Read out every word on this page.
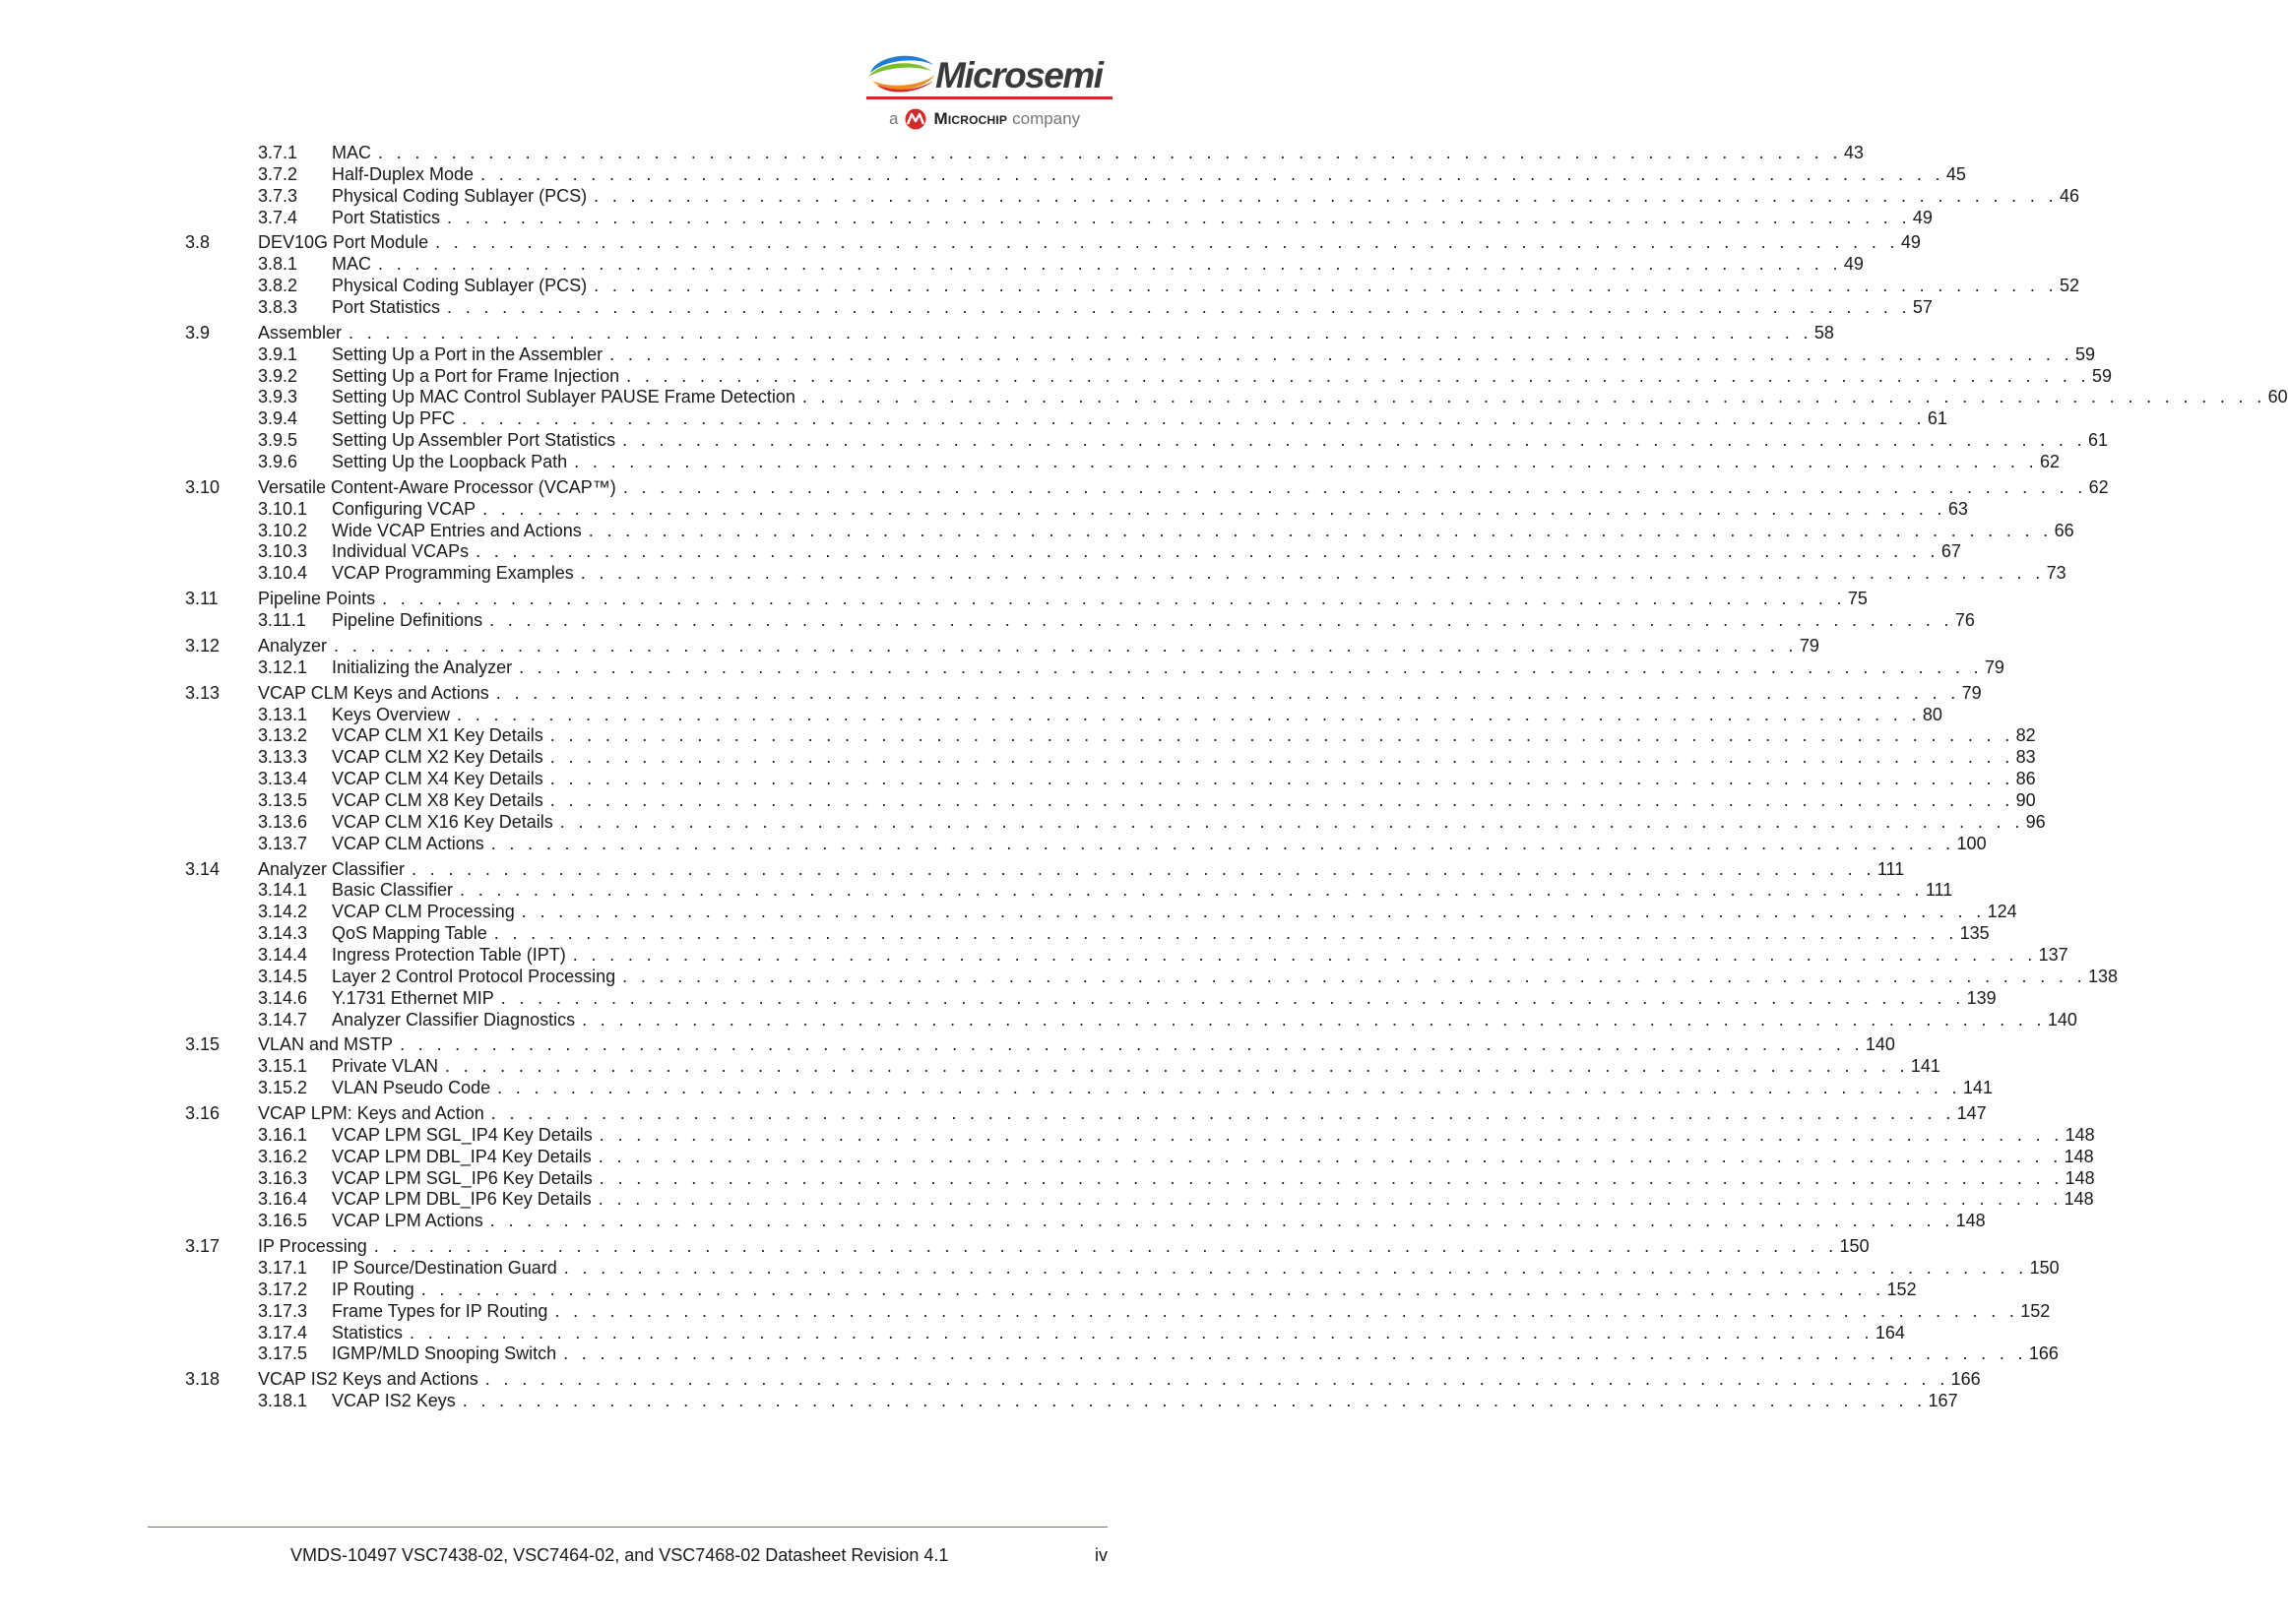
Microsemi
a Microchip company
3.7.1 MAC . . . . . . . . . . . . . . . . . . . . . . . . . . . . . . . . . . . . . . . . . . . . . . . . . . . . . . . . . . . . . . . . . . . . . . . . . . . . . . . . 43
3.7.2 Half-Duplex Mode . . . . . . . . . . . . . . . . . . . . . . . . . . . . . . . . . . . . . . . . . . . . . . . . . . . . . . . . . . . . . . . . . . . . . . . . . . . . . . . . 45
3.7.3 Physical Coding Sublayer (PCS) . . . . . . . . . . . . . . . . . . . . . . . . . . . . . . . . . . . . . . . . . . . . . . . . . . . . . . . . . . . . . . . . . . . . . . . . . . . . . . . . 46
3.7.4 Port Statistics . . . . . . . . . . . . . . . . . . . . . . . . . . . . . . . . . . . . . . . . . . . . . . . . . . . . . . . . . . . . . . . . . . . . . . . . . . . . . . . . 49
3.8	DEV10G Port Module . . . . . . . . . . . . . . . . . . . . . . . . . . . . . . . . . . . . . . . . . . . . . . . . . . . . . . . . . . . . . . . . . . . . . . . . . . . . . . . . 49
3.8.1 MAC . . . . . . . . . . . . . . . . . . . . . . . . . . . . . . . . . . . . . . . . . . . . . . . . . . . . . . . . . . . . . . . . . . . . . . . . . . . . . . . . 49
3.8.2 Physical Coding Sublayer (PCS) . . . . . . . . . . . . . . . . . . . . . . . . . . . . . . . . . . . . . . . . . . . . . . . . . . . . . . . . . . . . . . . . . . . . . . . . . . . . . . . . 52
3.8.3 Port Statistics . . . . . . . . . . . . . . . . . . . . . . . . . . . . . . . . . . . . . . . . . . . . . . . . . . . . . . . . . . . . . . . . . . . . . . . . . . . . . . . . 57
3.9	Assembler . . . . . . . . . . . . . . . . . . . . . . . . . . . . . . . . . . . . . . . . . . . . . . . . . . . . . . . . . . . . . . . . . . . . . . . . . . . . . . . . 58
3.9.1 Setting Up a Port in the Assembler . . . . . . . . . . . . . . . . . . . . . . . . . . . . . . . . . . . . . . . . . . . . . . . . . . . . . . . . . . . . . . . . . . . . . . . . . . . . . . . . 59
3.9.2 Setting Up a Port for Frame Injection . . . . . . . . . . . . . . . . . . . . . . . . . . . . . . . . . . . . . . . . . . . . . . . . . . . . . . . . . . . . . . . . . . . . . . . . . . . . . . . . 59
3.9.3 Setting Up MAC Control Sublayer PAUSE Frame Detection . . . . . . . . . . . . . . . . . . . . . . . . . . . . . . . . . . . . . . . . . . . . . . . . . . . . . . . . . . . . . . . . . . . . . . . . . . . . . . . . 60
3.9.4 Setting Up PFC . . . . . . . . . . . . . . . . . . . . . . . . . . . . . . . . . . . . . . . . . . . . . . . . . . . . . . . . . . . . . . . . . . . . . . . . . . . . . . . . 61
3.9.5 Setting Up Assembler Port Statistics . . . . . . . . . . . . . . . . . . . . . . . . . . . . . . . . . . . . . . . . . . . . . . . . . . . . . . . . . . . . . . . . . . . . . . . . . . . . . . . . 61
3.9.6 Setting Up the Loopback Path . . . . . . . . . . . . . . . . . . . . . . . . . . . . . . . . . . . . . . . . . . . . . . . . . . . . . . . . . . . . . . . . . . . . . . . . . . . . . . . . 62
3.10 Versatile Content-Aware Processor (VCAP™) . . . . . . . . . . . . . . . . . . . . . . . . . . . . . . . . . . . . . . . . . . . . . . . . . . . . . . . . . . . . . . . . . . . . . . . . . . . . . . . . 62
3.10.1 Configuring VCAP . . . . . . . . . . . . . . . . . . . . . . . . . . . . . . . . . . . . . . . . . . . . . . . . . . . . . . . . . . . . . . . . . . . . . . . . . . . . . . . . 63
3.10.2 Wide VCAP Entries and Actions . . . . . . . . . . . . . . . . . . . . . . . . . . . . . . . . . . . . . . . . . . . . . . . . . . . . . . . . . . . . . . . . . . . . . . . . . . . . . . . . 66
3.10.3 Individual VCAPs . . . . . . . . . . . . . . . . . . . . . . . . . . . . . . . . . . . . . . . . . . . . . . . . . . . . . . . . . . . . . . . . . . . . . . . . . . . . . . . . 67
3.10.4 VCAP Programming Examples . . . . . . . . . . . . . . . . . . . . . . . . . . . . . . . . . . . . . . . . . . . . . . . . . . . . . . . . . . . . . . . . . . . . . . . . . . . . . . . . 73
3.11 Pipeline Points . . . . . . . . . . . . . . . . . . . . . . . . . . . . . . . . . . . . . . . . . . . . . . . . . . . . . . . . . . . . . . . . . . . . . . . . . . . . . . . . 75
3.11.1 Pipeline Definitions . . . . . . . . . . . . . . . . . . . . . . . . . . . . . . . . . . . . . . . . . . . . . . . . . . . . . . . . . . . . . . . . . . . . . . . . . . . . . . . . 76
3.12 Analyzer . . . . . . . . . . . . . . . . . . . . . . . . . . . . . . . . . . . . . . . . . . . . . . . . . . . . . . . . . . . . . . . . . . . . . . . . . . . . . . . . 79
3.12.1 Initializing the Analyzer . . . . . . . . . . . . . . . . . . . . . . . . . . . . . . . . . . . . . . . . . . . . . . . . . . . . . . . . . . . . . . . . . . . . . . . . . . . . . . . . 79
3.13 VCAP CLM Keys and Actions . . . . . . . . . . . . . . . . . . . . . . . . . . . . . . . . . . . . . . . . . . . . . . . . . . . . . . . . . . . . . . . . . . . . . . . . . . . . . . . . 79
3.13.1 Keys Overview . . . . . . . . . . . . . . . . . . . . . . . . . . . . . . . . . . . . . . . . . . . . . . . . . . . . . . . . . . . . . . . . . . . . . . . . . . . . . . . . 80
3.13.2 VCAP CLM X1 Key Details . . . . . . . . . . . . . . . . . . . . . . . . . . . . . . . . . . . . . . . . . . . . . . . . . . . . . . . . . . . . . . . . . . . . . . . . . . . . . . . . 82
3.13.3 VCAP CLM X2 Key Details . . . . . . . . . . . . . . . . . . . . . . . . . . . . . . . . . . . . . . . . . . . . . . . . . . . . . . . . . . . . . . . . . . . . . . . . . . . . . . . . 83
3.13.4 VCAP CLM X4 Key Details . . . . . . . . . . . . . . . . . . . . . . . . . . . . . . . . . . . . . . . . . . . . . . . . . . . . . . . . . . . . . . . . . . . . . . . . . . . . . . . . 86
3.13.5 VCAP CLM X8 Key Details . . . . . . . . . . . . . . . . . . . . . . . . . . . . . . . . . . . . . . . . . . . . . . . . . . . . . . . . . . . . . . . . . . . . . . . . . . . . . . . . 90
3.13.6 VCAP CLM X16 Key Details . . . . . . . . . . . . . . . . . . . . . . . . . . . . . . . . . . . . . . . . . . . . . . . . . . . . . . . . . . . . . . . . . . . . . . . . . . . . . . . . 96
3.13.7 VCAP CLM Actions . . . . . . . . . . . . . . . . . . . . . . . . . . . . . . . . . . . . . . . . . . . . . . . . . . . . . . . . . . . . . . . . . . . . . . . . . . . . . . . . 100
3.14 Analyzer Classifier . . . . . . . . . . . . . . . . . . . . . . . . . . . . . . . . . . . . . . . . . . . . . . . . . . . . . . . . . . . . . . . . . . . . . . . . . . . . . . . . 111
3.14.1 Basic Classifier . . . . . . . . . . . . . . . . . . . . . . . . . . . . . . . . . . . . . . . . . . . . . . . . . . . . . . . . . . . . . . . . . . . . . . . . . . . . . . . . 111
3.14.2 VCAP CLM Processing . . . . . . . . . . . . . . . . . . . . . . . . . . . . . . . . . . . . . . . . . . . . . . . . . . . . . . . . . . . . . . . . . . . . . . . . . . . . . . . . 124
3.14.3 QoS Mapping Table . . . . . . . . . . . . . . . . . . . . . . . . . . . . . . . . . . . . . . . . . . . . . . . . . . . . . . . . . . . . . . . . . . . . . . . . . . . . . . . . 135
3.14.4 Ingress Protection Table (IPT) . . . . . . . . . . . . . . . . . . . . . . . . . . . . . . . . . . . . . . . . . . . . . . . . . . . . . . . . . . . . . . . . . . . . . . . . . . . . . . . . 137
3.14.5 Layer 2 Control Protocol Processing . . . . . . . . . . . . . . . . . . . . . . . . . . . . . . . . . . . . . . . . . . . . . . . . . . . . . . . . . . . . . . . . . . . . . . . . . . . . . . . . 138
3.14.6 Y.1731 Ethernet MIP . . . . . . . . . . . . . . . . . . . . . . . . . . . . . . . . . . . . . . . . . . . . . . . . . . . . . . . . . . . . . . . . . . . . . . . . . . . . . . . . 139
3.14.7 Analyzer Classifier Diagnostics . . . . . . . . . . . . . . . . . . . . . . . . . . . . . . . . . . . . . . . . . . . . . . . . . . . . . . . . . . . . . . . . . . . . . . . . . . . . . . . . 140
3.15 VLAN and MSTP . . . . . . . . . . . . . . . . . . . . . . . . . . . . . . . . . . . . . . . . . . . . . . . . . . . . . . . . . . . . . . . . . . . . . . . . . . . . . . . . 140
3.15.1 Private VLAN . . . . . . . . . . . . . . . . . . . . . . . . . . . . . . . . . . . . . . . . . . . . . . . . . . . . . . . . . . . . . . . . . . . . . . . . . . . . . . . . 141
3.15.2 VLAN Pseudo Code . . . . . . . . . . . . . . . . . . . . . . . . . . . . . . . . . . . . . . . . . . . . . . . . . . . . . . . . . . . . . . . . . . . . . . . . . . . . . . . . 141
3.16 VCAP LPM: Keys and Action . . . . . . . . . . . . . . . . . . . . . . . . . . . . . . . . . . . . . . . . . . . . . . . . . . . . . . . . . . . . . . . . . . . . . . . . . . . . . . . . 147
3.16.1 VCAP LPM SGL_IP4 Key Details . . . . . . . . . . . . . . . . . . . . . . . . . . . . . . . . . . . . . . . . . . . . . . . . . . . . . . . . . . . . . . . . . . . . . . . . . . . . . . . . 148
3.16.2 VCAP LPM DBL_IP4 Key Details . . . . . . . . . . . . . . . . . . . . . . . . . . . . . . . . . . . . . . . . . . . . . . . . . . . . . . . . . . . . . . . . . . . . . . . . . . . . . . . . 148
3.16.3 VCAP LPM SGL_IP6 Key Details . . . . . . . . . . . . . . . . . . . . . . . . . . . . . . . . . . . . . . . . . . . . . . . . . . . . . . . . . . . . . . . . . . . . . . . . . . . . . . . . 148
3.16.4 VCAP LPM DBL_IP6 Key Details . . . . . . . . . . . . . . . . . . . . . . . . . . . . . . . . . . . . . . . . . . . . . . . . . . . . . . . . . . . . . . . . . . . . . . . . . . . . . . . . 148
3.16.5 VCAP LPM Actions . . . . . . . . . . . . . . . . . . . . . . . . . . . . . . . . . . . . . . . . . . . . . . . . . . . . . . . . . . . . . . . . . . . . . . . . . . . . . . . . 148
3.17 IP Processing . . . . . . . . . . . . . . . . . . . . . . . . . . . . . . . . . . . . . . . . . . . . . . . . . . . . . . . . . . . . . . . . . . . . . . . . . . . . . . . . 150
3.17.1 IP Source/Destination Guard . . . . . . . . . . . . . . . . . . . . . . . . . . . . . . . . . . . . . . . . . . . . . . . . . . . . . . . . . . . . . . . . . . . . . . . . . . . . . . . . 150
3.17.2 IP Routing . . . . . . . . . . . . . . . . . . . . . . . . . . . . . . . . . . . . . . . . . . . . . . . . . . . . . . . . . . . . . . . . . . . . . . . . . . . . . . . . 152
3.17.3 Frame Types for IP Routing . . . . . . . . . . . . . . . . . . . . . . . . . . . . . . . . . . . . . . . . . . . . . . . . . . . . . . . . . . . . . . . . . . . . . . . . . . . . . . . . 152
3.17.4 Statistics . . . . . . . . . . . . . . . . . . . . . . . . . . . . . . . . . . . . . . . . . . . . . . . . . . . . . . . . . . . . . . . . . . . . . . . . . . . . . . . . 164
3.17.5 IGMP/MLD Snooping Switch . . . . . . . . . . . . . . . . . . . . . . . . . . . . . . . . . . . . . . . . . . . . . . . . . . . . . . . . . . . . . . . . . . . . . . . . . . . . . . . . 166
3.18 VCAP IS2 Keys and Actions . . . . . . . . . . . . . . . . . . . . . . . . . . . . . . . . . . . . . . . . . . . . . . . . . . . . . . . . . . . . . . . . . . . . . . . . . . . . . . . . 166
3.18.1 VCAP IS2 Keys . . . . . . . . . . . . . . . . . . . . . . . . . . . . . . . . . . . . . . . . . . . . . . . . . . . . . . . . . . . . . . . . . . . . . . . . . . . . . . . . 167
VMDS-10497 VSC7438-02, VSC7464-02, and VSC7468-02 Datasheet Revision 4.1	iv
